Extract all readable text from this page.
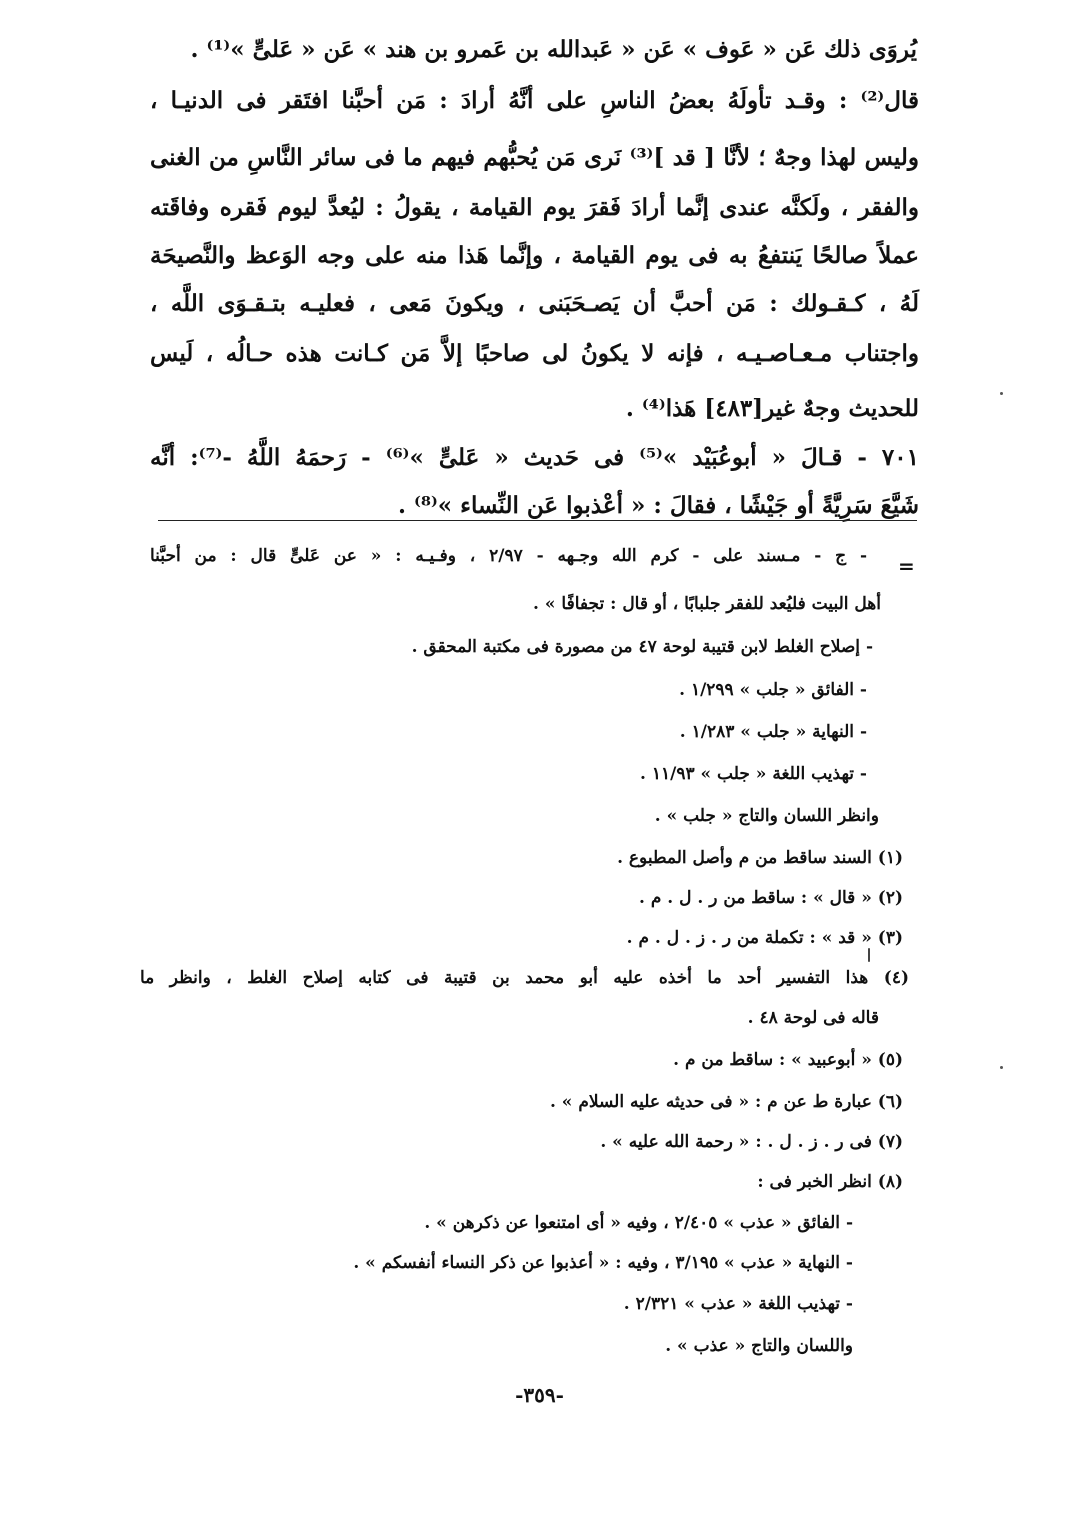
يُروَى ذلك عَن « عَوف » عَن « عَبدالله بن عَمرو بن هند » عَن « عَلىٍّ »⁽¹⁾ .
قال⁽²⁾ : وقـد تأولَهُ بعضُ الناسِ على أنَّهُ أرادَ : مَن أحبَّنا افتَقر فى الدنيـا ،
وليس لهذا وجهٌ ؛ لأنَّا [ قد ]⁽³⁾ نَرى مَن يُحبُّهم فيهم ما فى سائر النَّاسِ من الغنى
والفقر ، ولَكنَّه عندى إنَّما أرادَ فَقرَ يوم القيامة ، يقولُ : ليُعدَّ ليوم فَقره وفاقَته
عملاً صالحًا يَنتفعُ به فى يوم القيامة ، وإنَّما هَذا منه على وجه الوَعظ والنَّصيحَة
لَهُ ، كـقـولك : مَن أحبَّ أن يَصـحَبَنى ، ويكونَ مَعى ، فعليـه بتـقـوَى اللَّه ،
واجتناب مـعـاصـيـه ، فإنه لا يكونُ لى صاحبًا إلاَّ مَن كـانت هذه حـالُه ، لَيس
للحديث وجهٌ غير[٤٨٣] هَذا⁽⁴⁾ .
٧٠١ - قـالَ « أبوعُبَيْد »⁽⁵⁾ فى حَديث « عَلىٍّ »⁽⁶⁾ - رَحمَهُ اللَّهُ -⁽⁷⁾: أنَّه
شَيَّعَ سَرِيَّةً أو جَيْشًا ، فقالَ : « أعْذبوا عَن النِّساء »⁽⁸⁾ .
=
- ج - مـسند على - كرم الله وجـهه - ٢/٩٧ ، وفـيـه : « عن عَلىٍّ قال : من أحبَّنا
أهل البيت فليُعد للفقر جلبابًا ، أو قال : تجفافًا » .
- إصلاح الغلط لابن قتيبة لوحة ٤٧ من مصورة فى مكتبة المحقق .
- الفائق « جلب » ١/٢٩٩ .
- النهاية « جلب » ١/٢٨٣ .
- تهذيب اللغة « جلب » ١١/٩٣ .
وانظر اللسان والتاج « جلب » .
(١) السند ساقط من م وأصل المطبوع .
(٢) « قال » : ساقط من ر . ل . م .
(٣) « قد » : تكملة من ر . ز . ل . م .
(٤) هذا التفسير أحد ما أخذه عليه أبو محمد بن قتيبة فى كتابه إصلاح الغلط ، وانظر ما
قاله فى لوحة ٤٨ .
(٥) « أبوعبيد » : ساقط من م .
(٦) عبارة ط عن م : « فى حديثه عليه السلام » .
(٧) فى ر . ز . ل . : « رحمة الله عليه » .
(٨) انظر الخبر فى :
- الفائق « عذب » ٢/٤٠٥ ، وفيه « أى امتنعوا عن ذكرهن » .
- النهاية « عذب » ٣/١٩٥ ، وفيه : « أعذبوا عن ذكر النساء أنفسكم » .
- تهذيب اللغة « عذب » ٢/٣٢١ .
واللسان والتاج « عذب » .
-٣٥٩-
